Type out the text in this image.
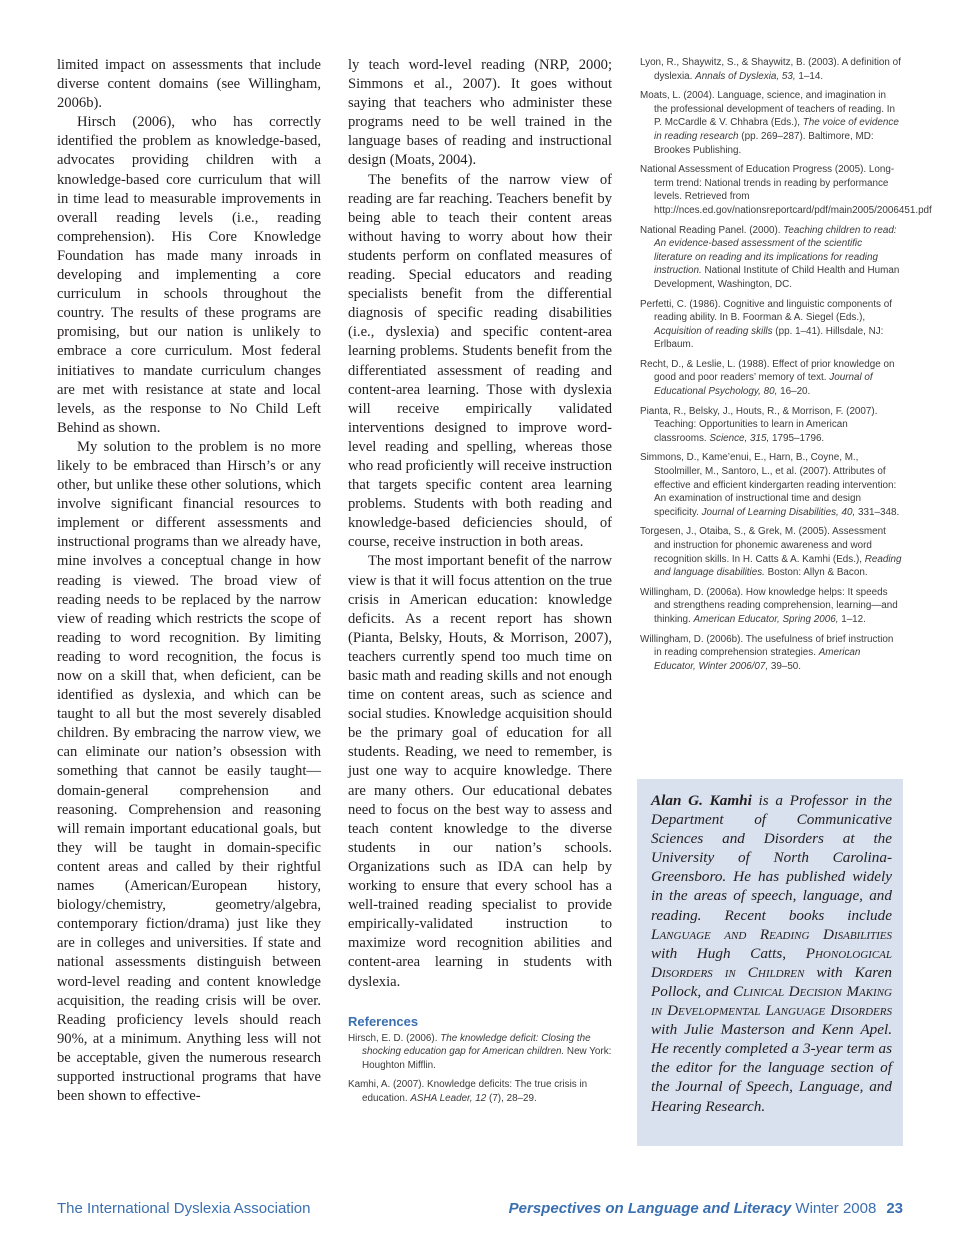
limited impact on assessments that include diverse content domains (see Willingham, 2006b).

Hirsch (2006), who has correctly identified the problem as knowledge-based, advocates providing children with a knowledge-based core curriculum that will in time lead to measurable improvements in overall reading levels (i.e., reading comprehension). His Core Knowledge Foundation has made many inroads in developing and implementing a core curriculum in schools throughout the country. The results of these programs are promising, but our nation is unlikely to embrace a core curriculum. Most federal initiatives to mandate curriculum changes are met with resistance at state and local levels, as the response to No Child Left Behind as shown.

My solution to the problem is no more likely to be embraced than Hirsch’s or any other, but unlike these other solutions, which involve significant financial resources to implement or different assessments and instructional programs than we already have, mine involves a conceptual change in how reading is viewed. The broad view of reading needs to be replaced by the narrow view of reading which restricts the scope of reading to word recognition. By limiting reading to word recognition, the focus is now on a skill that, when deficient, can be identified as dyslexia, and which can be taught to all but the most severely disabled children. By embracing the narrow view, we can eliminate our nation’s obsession with something that cannot be easily taught—domain-general comprehension and reasoning. Comprehension and reasoning will remain important educational goals, but they will be taught in domain-specific content areas and called by their rightful names (American/European history, biology/chemistry, geometry/algebra, contemporary fiction/drama) just like they are in colleges and universities. If state and national assessments distinguish between word-level reading and content knowledge acquisition, the reading crisis will be over. Reading proficiency levels should reach 90%, at a minimum. Anything less will not be acceptable, given the numerous research supported instructional programs that have been shown to effective-

ly teach word-level reading (NRP, 2000; Simmons et al., 2007). It goes without saying that teachers who administer these programs need to be well trained in the language bases of reading and instructional design (Moats, 2004).

The benefits of the narrow view of reading are far reaching. Teachers benefit by being able to teach their content areas without having to worry about how their students perform on conflated measures of reading. Special educators and reading specialists benefit from the differential diagnosis of specific reading disabilities (i.e., dyslexia) and specific content-area learning problems. Students benefit from the differentiated assessment of reading and content-area learning. Those with dyslexia will receive empirically validated interventions designed to improve word-level reading and spelling, whereas those who read proficiently will receive instruction that targets specific content area learning problems. Students with both reading and knowledge-based deficiencies should, of course, receive instruction in both areas.

The most important benefit of the narrow view is that it will focus attention on the true crisis in American education: knowledge deficits. As a recent report has shown (Pianta, Belsky, Houts, & Morrison, 2007), teachers currently spend too much time on basic math and reading skills and not enough time on content areas, such as science and social studies. Knowledge acquisition should be the primary goal of education for all students. Reading, we need to remember, is just one way to acquire knowledge. There are many others. Our educational debates need to focus on the best way to assess and teach content knowledge to the diverse students in our nation’s schools. Organizations such as IDA can help by working to ensure that every school has a well-trained reading specialist to provide empirically-validated instruction to maximize word recognition abilities and content-area learning in students with dyslexia.

References

Hirsch, E. D. (2006). The knowledge deficit: Closing the shocking education gap for American children. New York: Houghton Mifflin.

Kamhi, A. (2007). Knowledge deficits: The true crisis in education. ASHA Leader, 12 (7), 28–29.

Lyon, R., Shaywitz, S., & Shaywitz, B. (2003). A definition of dyslexia. Annals of Dyslexia, 53, 1–14.

Moats, L. (2004). Language, science, and imagination in the professional development of teachers of reading. In P. McCardle & V. Chhabra (Eds.), The voice of evidence in reading research (pp. 269–287). Baltimore, MD: Brookes Publishing.

National Assessment of Education Progress (2005). Long-term trend: National trends in reading by performance levels. Retrieved from http://nces.ed.gov/nationsreportcard/pdf/main2005/2006451.pdf

National Reading Panel. (2000). Teaching children to read: An evidence-based assessment of the scientific literature on reading and its implications for reading instruction. National Institute of Child Health and Human Development, Washington, DC.

Perfetti, C. (1986). Cognitive and linguistic components of reading ability. In B. Foorman & A. Siegel (Eds.), Acquisition of reading skills (pp. 1–41). Hillsdale, NJ: Erlbaum.

Recht, D., & Leslie, L. (1988). Effect of prior knowledge on good and poor readers’ memory of text. Journal of Educational Psychology, 80, 16–20.

Pianta, R., Belsky, J., Houts, R., & Morrison, F. (2007). Teaching: Opportunities to learn in American classrooms. Science, 315, 1795–1796.

Simmons, D., Kame’enui, E., Harn, B., Coyne, M., Stoolmiller, M., Santoro, L., et al. (2007). Attributes of effective and efficient kindergarten reading intervention: An examination of instructional time and design specificity. Journal of Learning Disabilities, 40, 331–348.

Torgesen, J., Otaiba, S., & Grek, M. (2005). Assessment and instruction for phonemic awareness and word recognition skills. In H. Catts & A. Kamhi (Eds.), Reading and language disabilities. Boston: Allyn & Bacon.

Willingham, D. (2006a). How knowledge helps: It speeds and strengthens reading comprehension, learning—and thinking. American Educator, Spring 2006, 1–12.

Willingham, D. (2006b). The usefulness of brief instruction in reading comprehension strategies. American Educator, Winter 2006/07, 39–50.

Alan G. Kamhi is a Professor in the Department of Communicative Sciences and Disorders at the University of North Carolina-Greensboro. He has published widely in the areas of speech, language, and reading. Recent books include Language and Reading Disabilities with Hugh Catts, Phonological Disorders in Children with Karen Pollock, and Clinical Decision Making in Developmental Language Disorders with Julie Masterson and Kenn Apel. He recently completed a 3-year term as the editor for the language section of the Journal of Speech, Language, and Hearing Research.

The International Dyslexia Association	Perspectives on Language and Literacy Winter 2008 23
